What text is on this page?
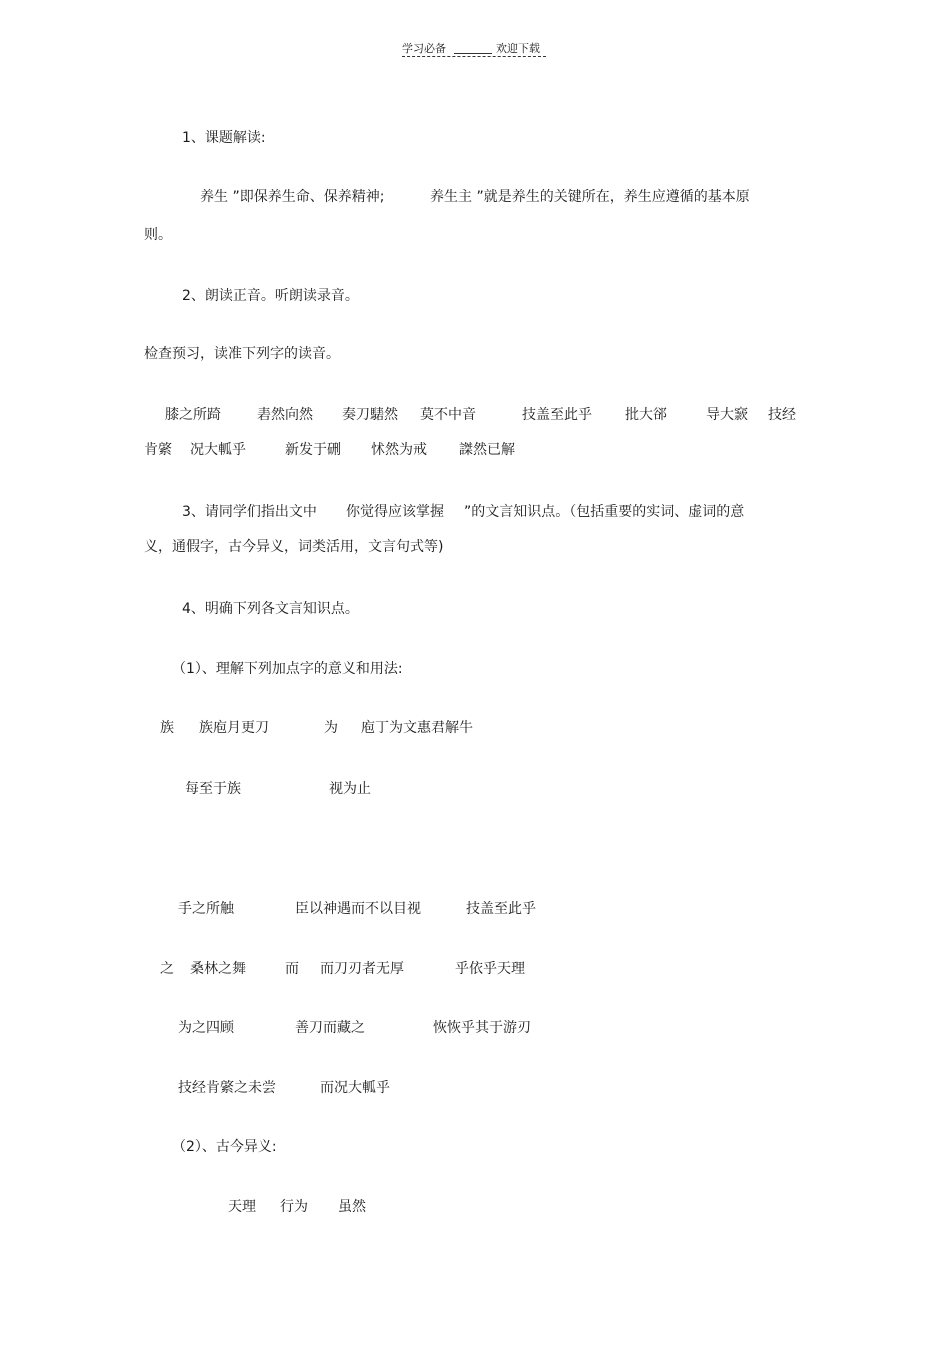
学习必备	欢迎下载
1、课题解读:
养生 ”即保养生命、保养精神;	养生主 ”就是养生的关键所在，养生应遵循的基本原
则。
2、朗读正音。听朗读录音。
检查预习，读准下列字的读音。
膝之所踦	砉然向然 奏刀騞然 莫不中音	技盖至此乎 批大郤	导大窾 技经
肯綮 况大軱乎	新发于硎 怵然为戒 謋然已解
3、请同学们指出文中 你觉得应该掌握 ”的文言知识点。（包括重要的实词、虚词的意
义，通假字，古今异义，词类活用，文言句式等)
4、明确下列各文言知识点。
（1）、理解下列加点字的意义和用法:
族 族庖月更刀	为 庖丁为文惠君解牛
每至于族	视为止
手之所触	臣以神遇而不以目视	技盖至此乎
之 桑林之舞	而 而刀刃者无厚	乎依乎天理
为之四顾	善刀而藏之	恢恢乎其于游刃
技经肯綮之未尝	而况大軱乎
（2）、古今异义:
天理 行为 虽然
